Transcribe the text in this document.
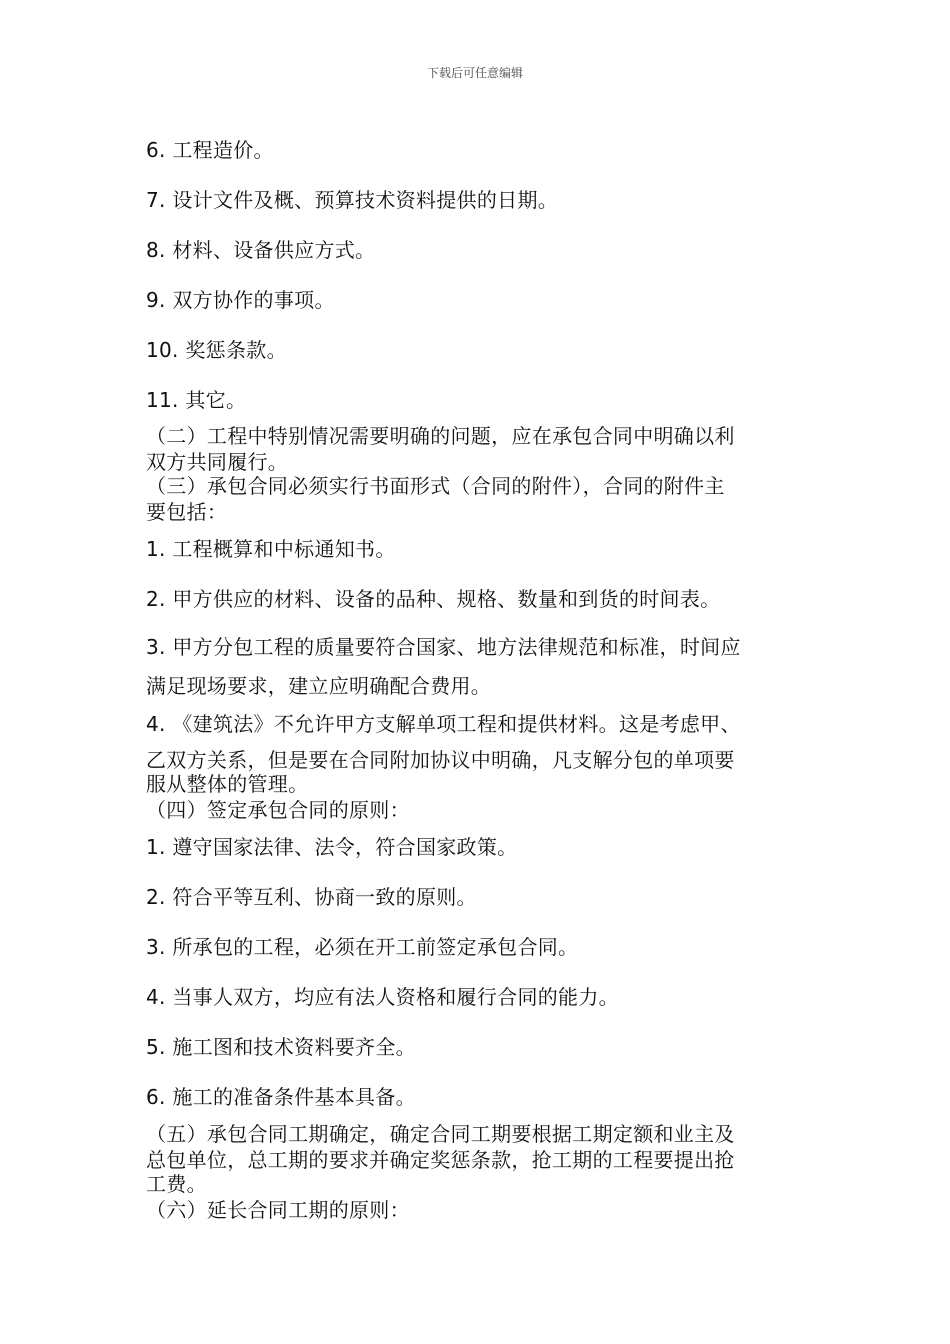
下载后可任意编辑
6. 工程造价。
7. 设计文件及概、预算技术资料提供的日期。
8. 材料、设备供应方式。
9. 双方协作的事项。
10. 奖惩条款。
11. 其它。
（二）工程中特别情况需要明确的问题，应在承包合同中明确以利
双方共同履行。
（三）承包合同必须实行书面形式（合同的附件），合同的附件主
要包括：
1. 工程概算和中标通知书。
2. 甲方供应的材料、设备的品种、规格、数量和到货的时间表。
3. 甲方分包工程的质量要符合国家、地方法律规范和标准，时间应
满足现场要求，建立应明确配合费用。
4. 《建筑法》不允许甲方支解单项工程和提供材料。这是考虑甲、
乙双方关系，但是要在合同附加协议中明确，凡支解分包的单项要
服从整体的管理。
（四）签定承包合同的原则：
1. 遵守国家法律、法令，符合国家政策。
2. 符合平等互利、协商一致的原则。
3. 所承包的工程，必须在开工前签定承包合同。
4. 当事人双方，均应有法人资格和履行合同的能力。
5. 施工图和技术资料要齐全。
6. 施工的准备条件基本具备。
（五）承包合同工期确定，确定合同工期要根据工期定额和业主及
总包单位，总工期的要求并确定奖惩条款，抢工期的工程要提出抢
工费。
（六）延长合同工期的原则：
